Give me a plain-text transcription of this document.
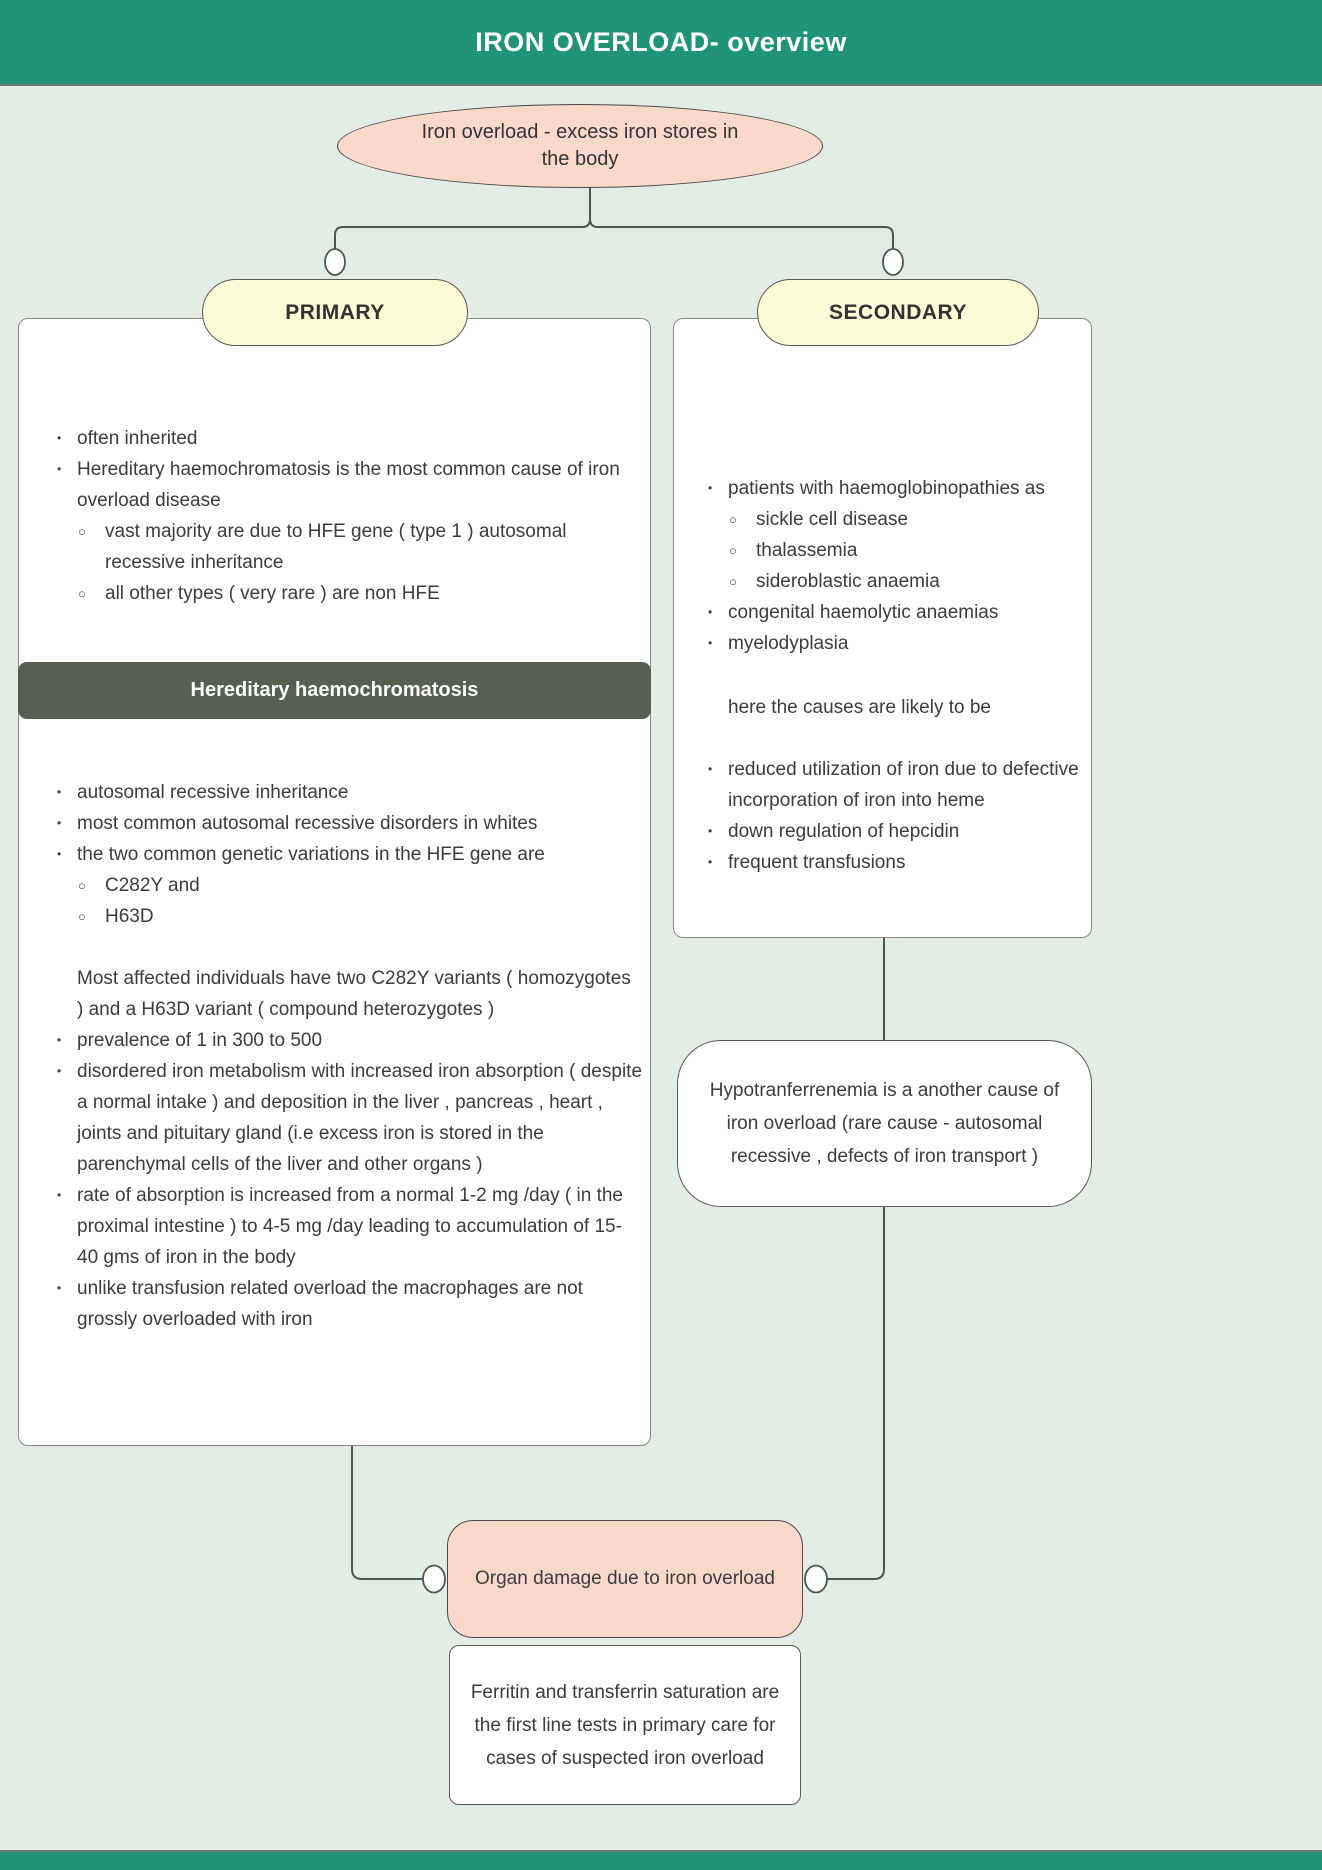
IRON OVERLOAD- overview
Iron overload - excess iron stores in the body
PRIMARY	SECONDARY
• often inherited
• Hereditary haemochromatosis is the most common cause of iron overload disease
○ vast majority are due to HFE gene ( type 1 ) autosomal recessive inheritance
○ all other types ( very rare ) are non HFE
Hereditary haemochromatosis
• autosomal recessive inheritance
• most common autosomal recessive disorders in whites
• the two common genetic variations in the HFE gene are
○ C282Y and
○ H63D

Most affected individuals have two C282Y variants ( homozygotes ) and a H63D variant ( compound heterozygotes )

• prevalence of 1 in 300 to 500
• disordered iron metabolism with increased iron absorption ( despite a normal intake ) and deposition in the liver , pancreas , heart , joints and pituitary gland (i.e excess iron is stored in the parenchymal cells of the liver and other organs )
• rate of absorption is increased from a normal 1-2 mg /day ( in the proximal intestine ) to 4-5 mg /day leading to accumulation of 15-40 gms of iron in the body
• unlike transfusion related overload the macrophages are not grossly overloaded with iron
• patients with haemoglobinopathies as
○ sickle cell disease
○ thalassemia
○ sideroblastic anaemia
• congenital haemolytic anaemias
• myelodyplasia

here the causes are likely to be

• reduced utilization of iron due to defective incorporation of iron into heme
• down regulation of hepcidin
• frequent transfusions
Hypotranferrenemia is a another cause of iron overload (rare cause - autosomal recessive , defects of iron transport )
Organ damage due to iron overload
Ferritin and transferrin saturation are the first line tests in primary care for cases of suspected iron overload
